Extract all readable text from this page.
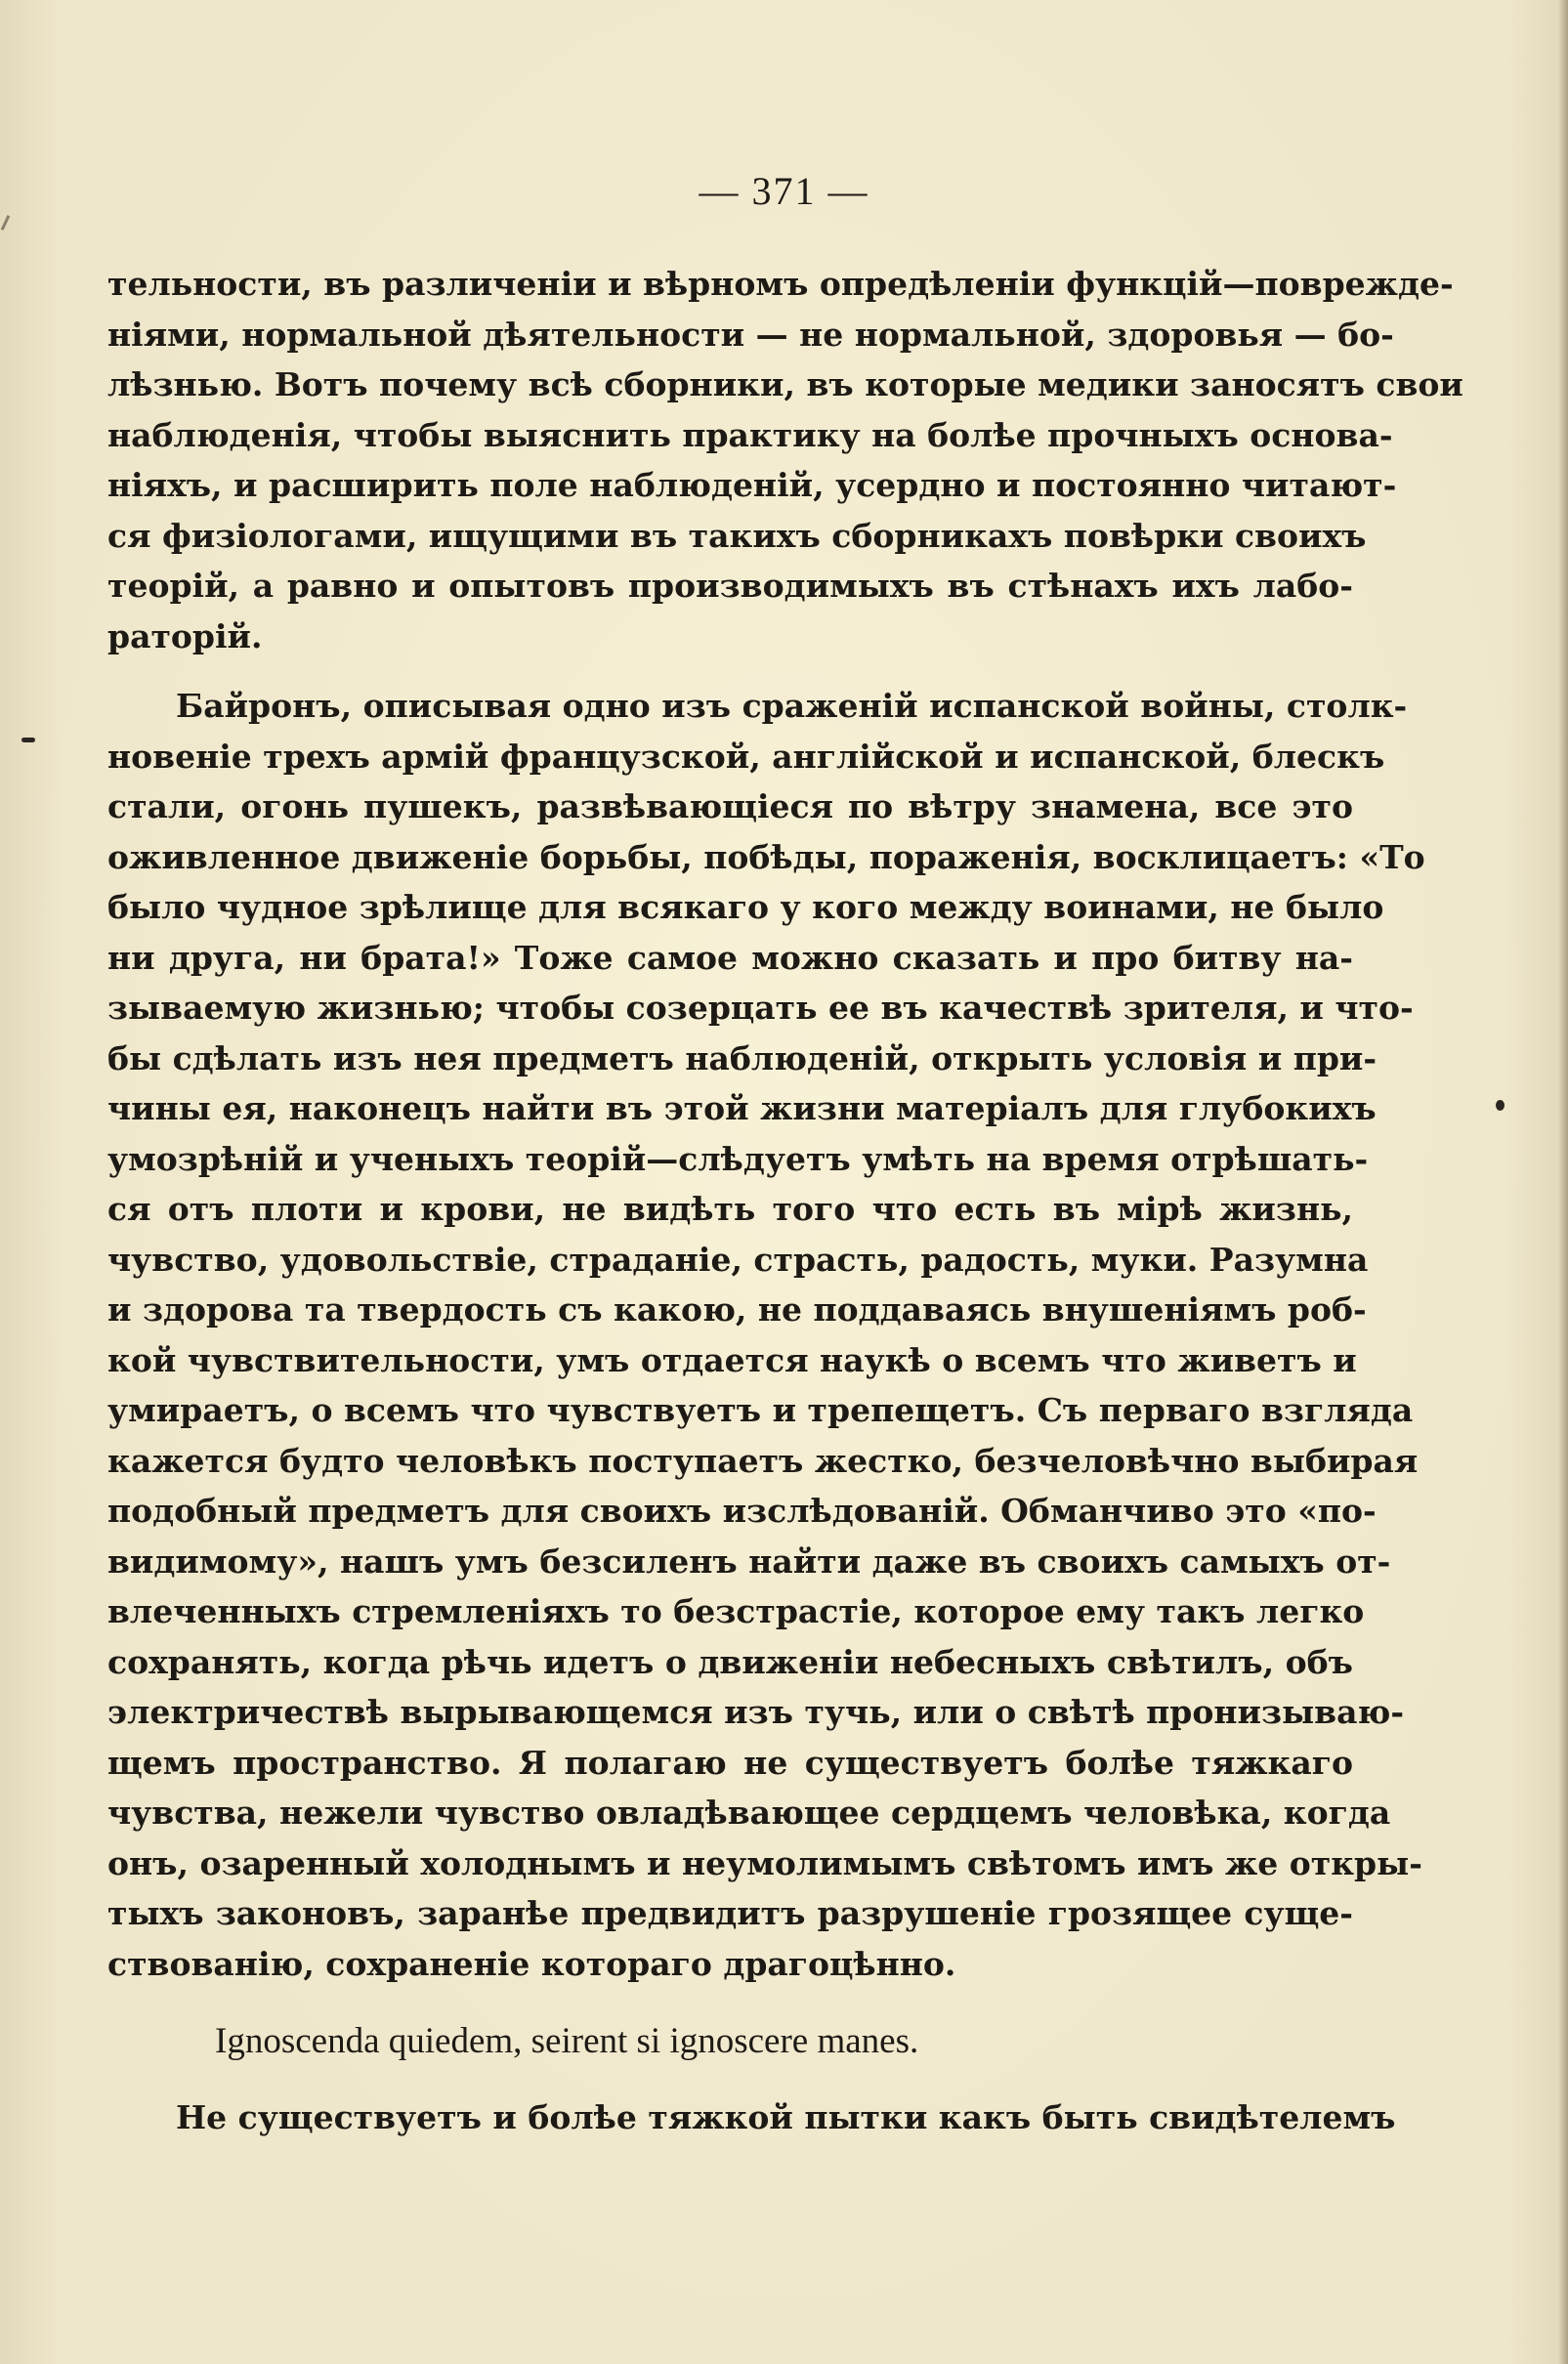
— 371 —
тельности, въ различеніи и вѣрномъ опредѣленіи функцій—поврежде-
ніями, нормальной дѣятельности — не нормальной, здоровья — бо-
лѣзнью. Вотъ почему всѣ сборники, въ которые медики заносятъ свои
наблюденія, чтобы выяснить практику на болѣе прочныхъ основа-
ніяхъ, и расширить поле наблюденій, усердно и постоянно читают-
ся физіологами, ищущими въ такихъ сборникахъ повѣрки своихъ
теорій, а равно и опытовъ производимыхъ въ стѣнахъ ихъ лабо-
раторій.
Байронъ, описывая одно изъ сраженій испанской войны, столк-
новеніе трехъ армій французской, англійской и испанской, блескъ
стали, огонь пушекъ, развѣвающіеся по вѣтру знамена, все это
оживленное движеніе борьбы, побѣды, пораженія, восклицаетъ: «То
было чудное зрѣлище для всякаго у кого между воинами, не было
ни друга, ни брата!» Тоже самое можно сказать и про битву на-
зываемую жизнью; чтобы созерцать ее въ качествѣ зрителя, и что-
бы сдѣлать изъ нея предметъ наблюденій, открыть условія и при-
чины ея, наконецъ найти въ этой жизни матеріалъ для глубокихъ
умозрѣній и ученыхъ теорій—слѣдуетъ умѣть на время отрѣшать-
ся отъ плоти и крови, не видѣть того что есть въ мірѣ жизнь,
чувство, удовольствіе, страданіе, страсть, радость, муки. Разумна
и здорова та твердость съ какою, не поддаваясь внушеніямъ роб-
кой чувствительности, умъ отдается наукѣ о всемъ что живетъ и
умираетъ, о всемъ что чувствуетъ и трепещетъ. Съ перваго взгляда
кажется будто человѣкъ поступаетъ жестко, безчеловѣчно выбирая
подобный предметъ для своихъ изслѣдованій. Обманчиво это «по-
видимому», нашъ умъ безсиленъ найти даже въ своихъ самыхъ от-
влеченныхъ стремленіяхъ то безстрастіе, которое ему такъ легко
сохранять, когда рѣчь идетъ о движеніи небесныхъ свѣтилъ, объ
электричествѣ вырывающемся изъ тучь, или о свѣтѣ пронизываю-
щемъ пространство. Я полагаю не существуетъ болѣе тяжкаго
чувства, нежели чувство овладѣвающее сердцемъ человѣка, когда
онъ, озаренный холоднымъ и неумолимымъ свѣтомъ имъ же откры-
тыхъ законовъ, заранѣе предвидитъ разрушеніе грозящее суще-
ствованію, сохраненіе котораго драгоцѣнно.
Ignoscenda quiedem, seirent si ignoscere manes.
Не существуетъ и болѣе тяжкой пытки какъ быть свидѣтелемъ
